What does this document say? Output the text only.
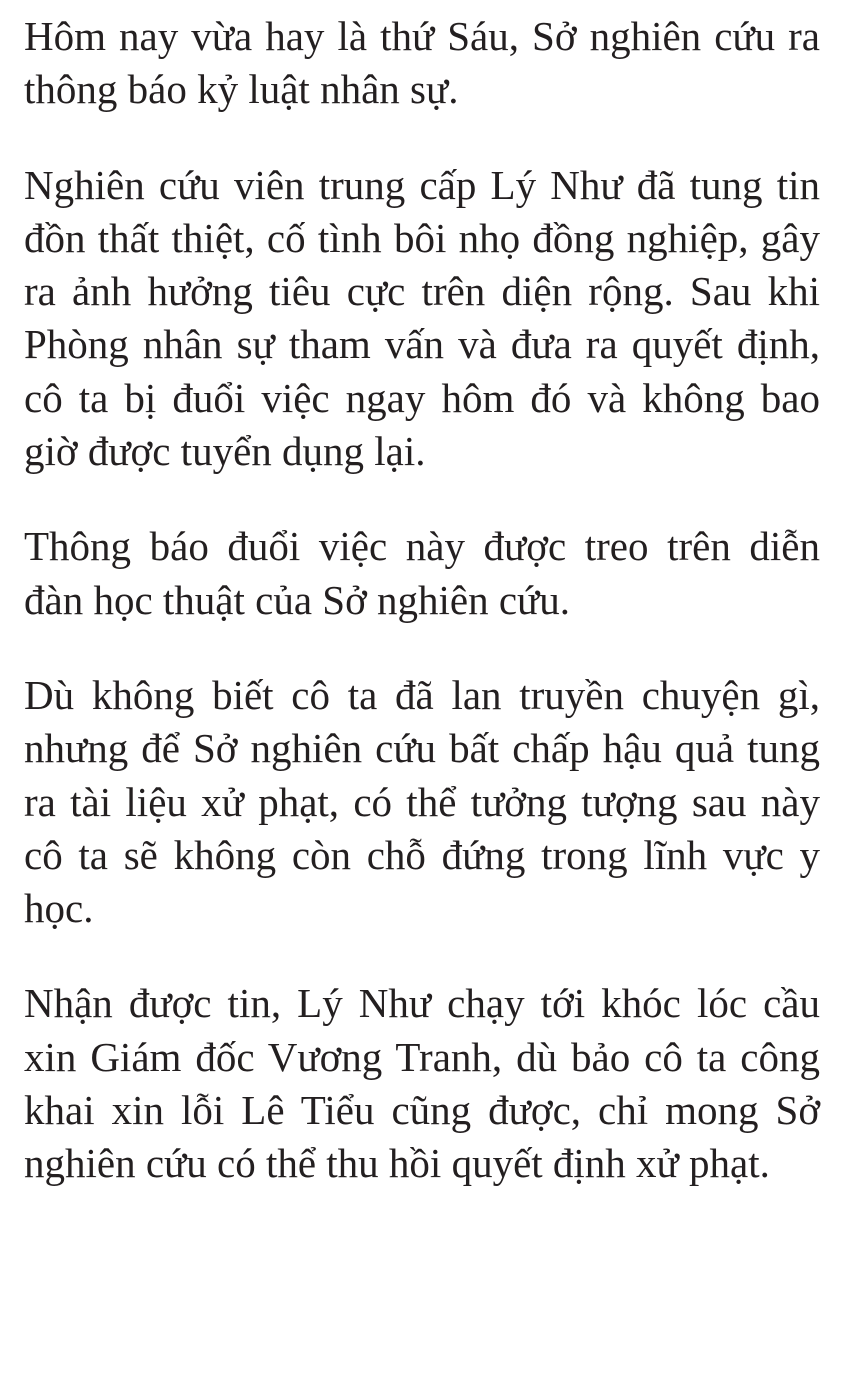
Hôm nay vừa hay là thứ Sáu, Sở nghiên cứu ra thông báo kỷ luật nhân sự.

Nghiên cứu viên trung cấp Lý Như đã tung tin đồn thất thiệt, cố tình bôi nhọ đồng nghiệp, gây ra ảnh hưởng tiêu cực trên diện rộng. Sau khi Phòng nhân sự tham vấn và đưa ra quyết định, cô ta bị đuổi việc ngay hôm đó và không bao giờ được tuyển dụng lại.

Thông báo đuổi việc này được treo trên diễn đàn học thuật của Sở nghiên cứu.

Dù không biết cô ta đã lan truyền chuyện gì, nhưng để Sở nghiên cứu bất chấp hậu quả tung ra tài liệu xử phạt, có thể tưởng tượng sau này cô ta sẽ không còn chỗ đứng trong lĩnh vực y học.

Nhận được tin, Lý Như chạy tới khóc lóc cầu xin Giám đốc Vương Tranh, dù bảo cô ta công khai xin lỗi Lê Tiểu cũng được, chỉ mong Sở nghiên cứu có thể thu hồi quyết định xử phạt.
